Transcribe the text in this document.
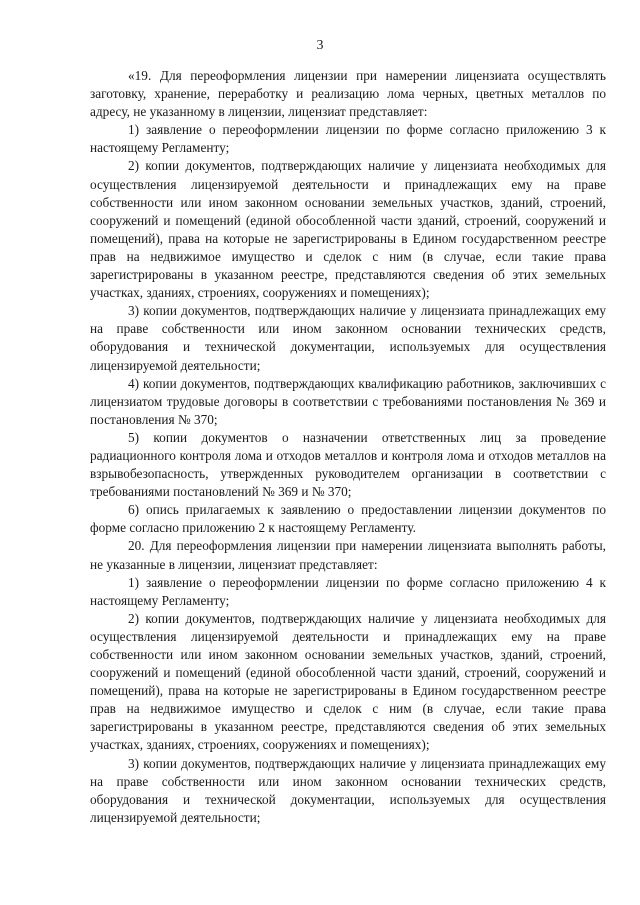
3

«19. Для переоформления лицензии при намерении лицензиата осуществлять заготовку, хранение, переработку и реализацию лома черных, цветных металлов по адресу, не указанному в лицензии, лицензиат представляет:

1) заявление о переоформлении лицензии по форме согласно приложению 3 к настоящему Регламенту;

2) копии документов, подтверждающих наличие у лицензиата необходимых для осуществления лицензируемой деятельности и принадлежащих ему на праве собственности или ином законном основании земельных участков, зданий, строений, сооружений и помещений (единой обособленной части зданий, строений, сооружений и помещений), права на которые не зарегистрированы в Едином государственном реестре прав на недвижимое имущество и сделок с ним (в случае, если такие права зарегистрированы в указанном реестре, представляются сведения об этих земельных участках, зданиях, строениях, сооружениях и помещениях);

3) копии документов, подтверждающих наличие у лицензиата принадлежащих ему на праве собственности или ином законном основании технических средств, оборудования и технической документации, используемых для осуществления лицензируемой деятельности;

4) копии документов, подтверждающих квалификацию работников, заключивших с лицензиатом трудовые договоры в соответствии с требованиями постановления № 369 и постановления № 370;

5) копии документов о назначении ответственных лиц за проведение радиационного контроля лома и отходов металлов и контроля лома и отходов металлов на взрывобезопасность, утвержденных руководителем организации в соответствии с требованиями постановлений № 369 и № 370;

6) опись прилагаемых к заявлению о предоставлении лицензии документов по форме согласно приложению 2 к настоящему Регламенту.

20. Для переоформления лицензии при намерении лицензиата выполнять работы, не указанные в лицензии, лицензиат представляет:

1) заявление о переоформлении лицензии по форме согласно приложению 4 к настоящему Регламенту;

2) копии документов, подтверждающих наличие у лицензиата необходимых для осуществления лицензируемой деятельности и принадлежащих ему на праве собственности или ином законном основании земельных участков, зданий, строений, сооружений и помещений (единой обособленной части зданий, строений, сооружений и помещений), права на которые не зарегистрированы в Едином государственном реестре прав на недвижимое имущество и сделок с ним (в случае, если такие права зарегистрированы в указанном реестре, представляются сведения об этих земельных участках, зданиях, строениях, сооружениях и помещениях);

3) копии документов, подтверждающих наличие у лицензиата принадлежащих ему на праве собственности или ином законном основании технических средств, оборудования и технической документации, используемых для осуществления лицензируемой деятельности;
